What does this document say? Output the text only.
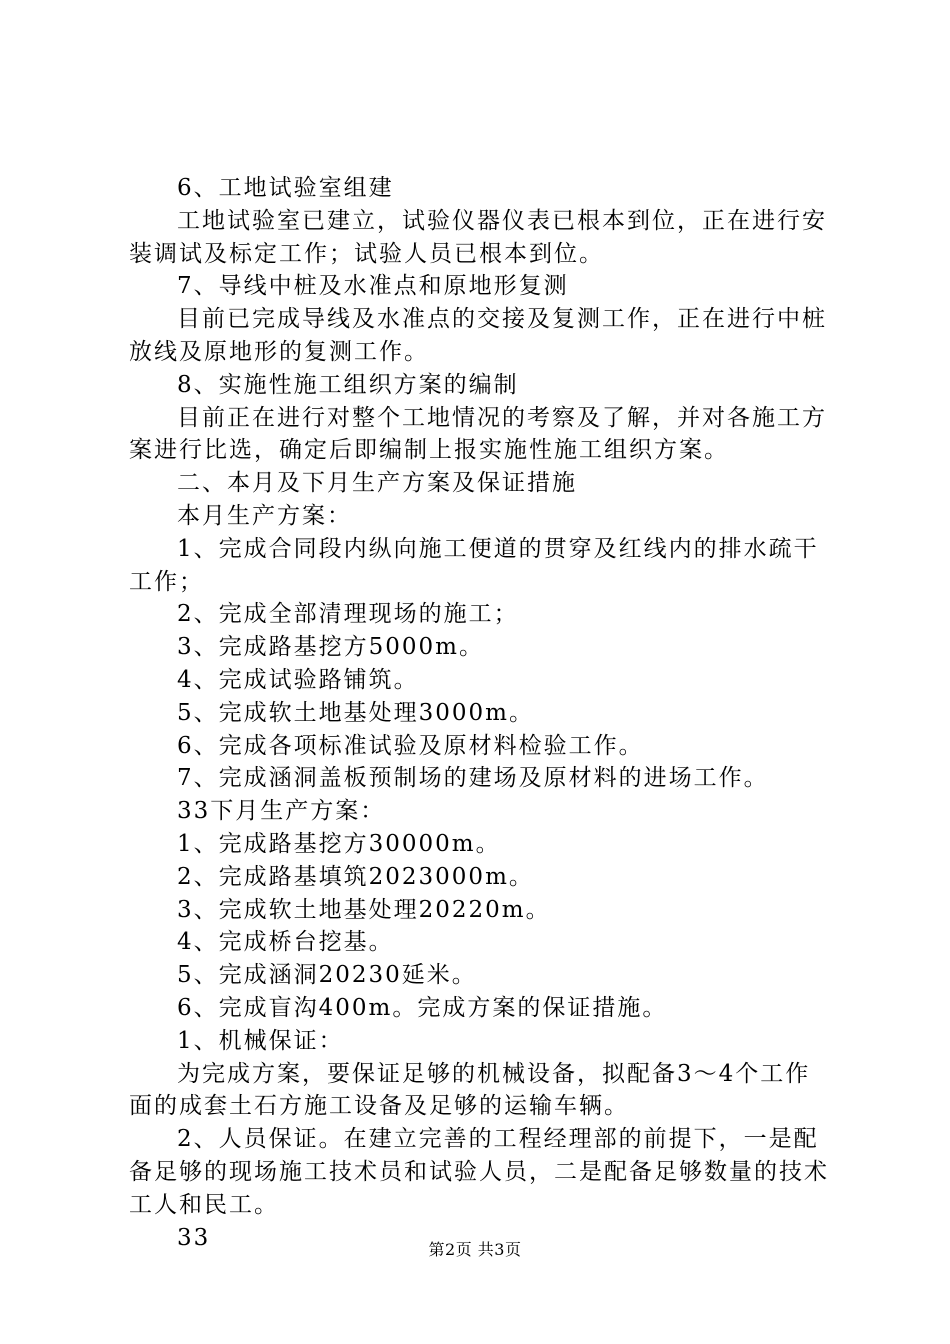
6、工地试验室组建

工地试验室已建立，试验仪器仪表已根本到位，正在进行安装调试及标定工作；试验人员已根本到位。

7、导线中桩及水准点和原地形复测

目前已完成导线及水准点的交接及复测工作，正在进行中桩放线及原地形的复测工作。

8、实施性施工组织方案的编制

目前正在进行对整个工地情况的考察及了解，并对各施工方案进行比选，确定后即编制上报实施性施工组织方案。

二、本月及下月生产方案及保证措施

本月生产方案：

1、完成合同段内纵向施工便道的贯穿及红线内的排水疏干工作；

2、完成全部清理现场的施工；

3、完成路基挖方5000m。

4、完成试验路铺筑。

5、完成软土地基处理3000m。

6、完成各项标准试验及原材料检验工作。

7、完成涵洞盖板预制场的建场及原材料的进场工作。

33下月生产方案：

1、完成路基挖方30000m。

2、完成路基填筑2023000m。

3、完成软土地基处理20220m。

4、完成桥台挖基。

5、完成涵洞20230延米。

6、完成盲沟400m。完成方案的保证措施。

1、机械保证：

为完成方案，要保证足够的机械设备，拟配备3～4个工作面的成套土石方施工设备及足够的运输车辆。

2、人员保证。在建立完善的工程经理部的前提下，一是配备足够的现场施工技术员和试验人员，二是配备足够数量的技术工人和民工。

33	第2页 共3页
